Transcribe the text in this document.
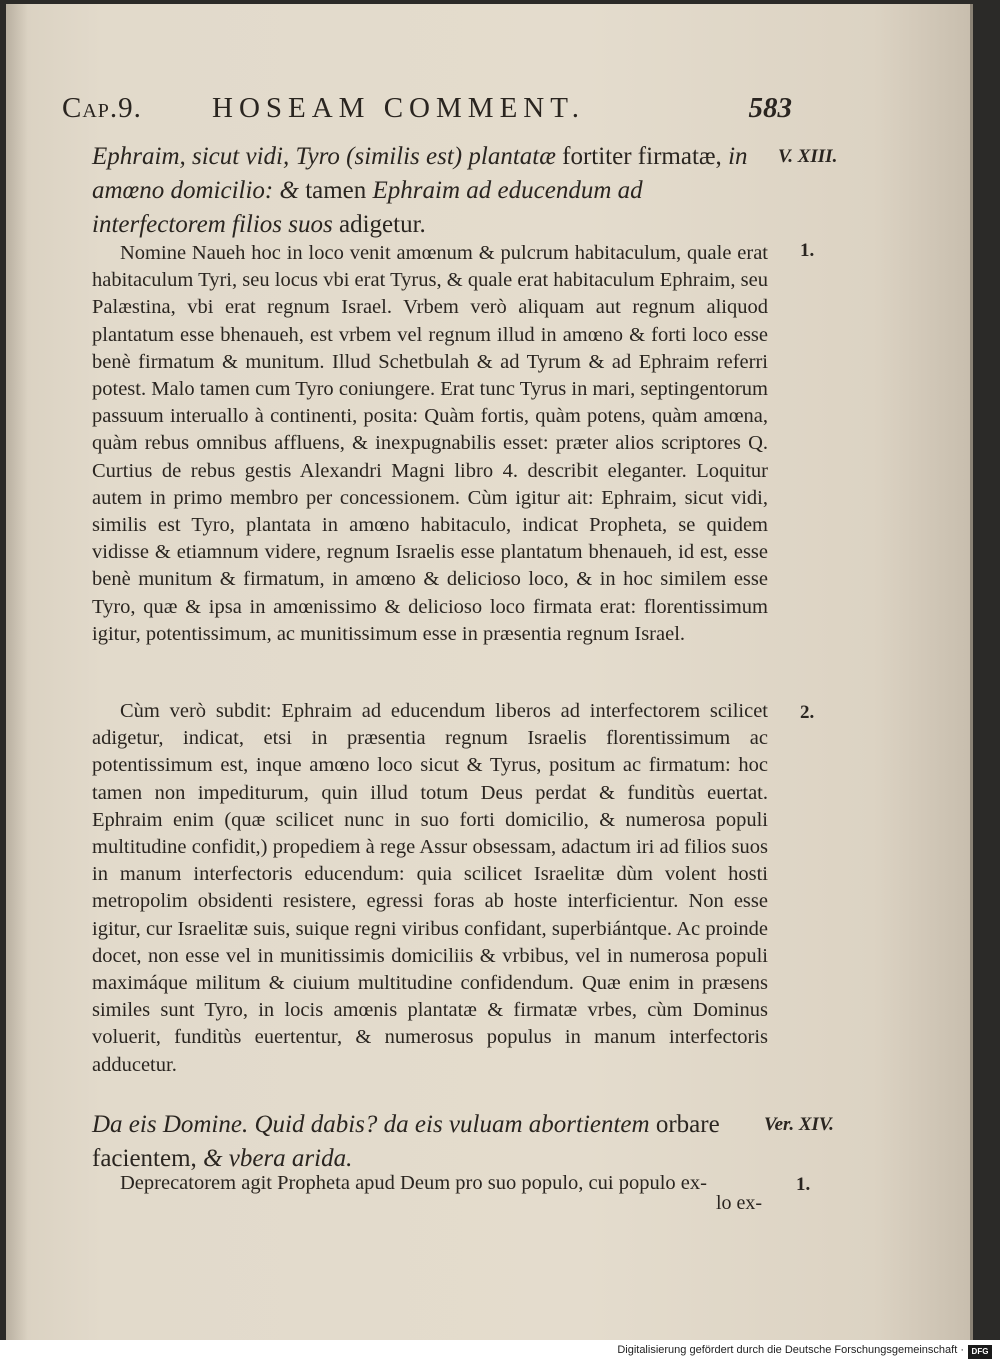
Cap.9. HOSEAM COMMENT.	583
Ephraim, sicut vidi, Tyro (similis est) plantatæ fortiter firmatæ, in amœno domicilio: & tamen Ephraim ad educendum ad interfectorem filios suos adigetur.
V. XIII.

Nomine Naueh hoc in loco venit amœnum & pulcrum habitaculum, quale erat habitaculum Tyri, seu locus vbi erat Tyrus, & quale erat habitaculum Ephraim, seu Palæstina, vbi erat regnum Israel. Vrbem verò aliquam aut regnum aliquod plantatum esse bhenaueh, est vrbem vel regnum illud in amœno & forti loco esse benè firmatum & munitum. Illud Schetbulah & ad Tyrum & ad Ephraim referri potest. Malo tamen cum Tyro coniungere. Erat tunc Tyrus in mari, septingentorum passuum interuallo à continenti, posita: Quàm fortis, quàm potens, quàm amœna, quàm rebus omnibus affluens, & inexpugnabilis esset: præter alios scriptores Q. Curtius de rebus gestis Alexandri Magni libro 4. describit eleganter. Loquitur autem in primo membro per concessionem. Cùm igitur ait: Ephraim, sicut vidi, similis est Tyro, plantata in amœno habitaculo, indicat Propheta, se quidem vidisse & etiamnum videre, regnum Israelis esse plantatum bhenaueh, id est, esse benè munitum & firmatum, in amœno & delicioso loco, & in hoc similem esse Tyro, quæ & ipsa in amœnissimo & delicioso loco firmata erat: florentissimum igitur, potentissimum, ac munitissimum esse in præsentia regnum Israel.

1.

Cùm verò subdit: Ephraim ad educendum liberos ad interfectorem scilicet adigetur, indicat, etsi in præsentia regnum Israelis florentissimum ac potentissimum est, inque amœno loco sicut & Tyrus, positum ac firmatum: hoc tamen non impediturum, quin illud totum Deus perdat & funditùs euertat. Ephraim enim (quæ scilicet nunc in suo forti domicilio, & numerosa populi multitudine confidit,) propediem à rege Assur obsessam, adactum iri ad filios suos in manum interfectoris educendum: quia scilicet Israelitæ dùm volent hosti metropolim obsidenti resistere, egressi foras ab hoste interficientur. Non esse igitur, cur Israelitæ suis, suique regni viribus confidant, superbiántque. Ac proinde docet, non esse vel in munitissimis domiciliis & vrbibus, vel in numerosa populi maximáque militum & ciuium multitudine confidendum. Quæ enim in præsens similes sunt Tyro, in locis amœnis plantatæ & firmatæ vrbes, cùm Dominus voluerit, funditùs euertentur, & numerosus populus in manum interfectoris adducetur.

2.
Da eis Domine. Quid dabis? da eis vuluam abortientem orbare facientem, & vbera arida.
Ver. XIV.

Deprecatorem agit Propheta apud Deum pro suo populo, cui populo ex-	1.
lo ex-
Digitalisierung gefördert durch die Deutsche Forschungsgemeinschaft · DFG
